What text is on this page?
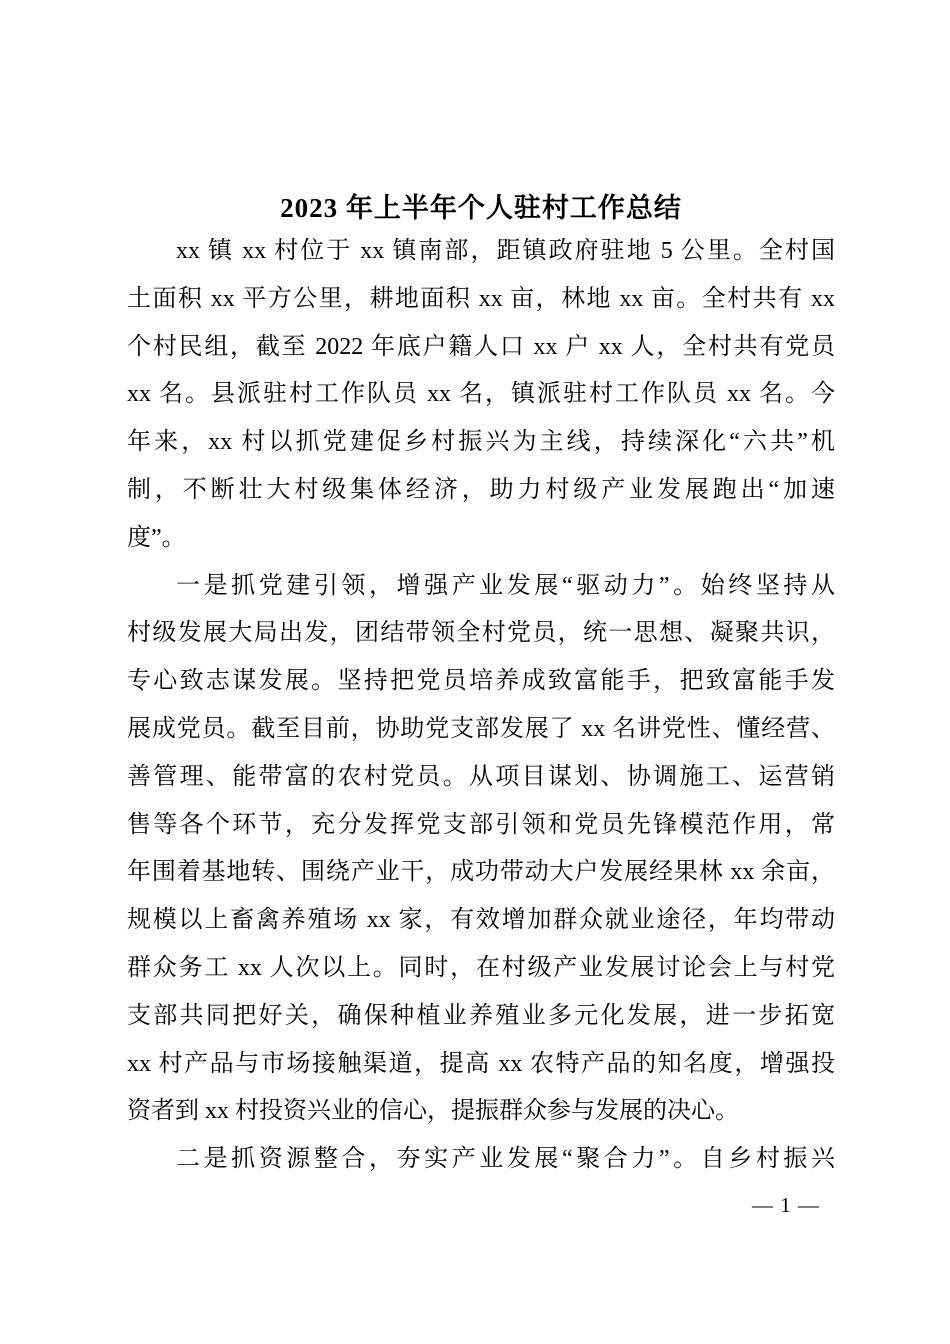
2023 年上半年个人驻村工作总结
xx 镇 xx 村位于 xx 镇南部，距镇政府驻地 5 公里。全村国
土面积 xx 平方公里，耕地面积 xx 亩，林地 xx 亩。全村共有 xx
个村民组，截至 2022 年底户籍人口 xx 户 xx 人，全村共有党员
xx 名。县派驻村工作队员 xx 名，镇派驻村工作队员 xx 名。今
年来，xx 村以抓党建促乡村振兴为主线，持续深化“六共”机
制，不断壮大村级集体经济，助力村级产业发展跑出“加速
度”。
一是抓党建引领，增强产业发展“驱动力”。始终坚持从
村级发展大局出发，团结带领全村党员，统一思想、凝聚共识，
专心致志谋发展。坚持把党员培养成致富能手，把致富能手发
展成党员。截至目前，协助党支部发展了 xx 名讲党性、懂经营、
善管理、能带富的农村党员。从项目谋划、协调施工、运营销
售等各个环节，充分发挥党支部引领和党员先锋模范作用，常
年围着基地转、围绕产业干，成功带动大户发展经果林 xx 余亩，
规模以上畜禽养殖场 xx 家，有效增加群众就业途径，年均带动
群众务工 xx 人次以上。同时，在村级产业发展讨论会上与村党
支部共同把好关，确保种植业养殖业多元化发展，进一步拓宽
xx 村产品与市场接触渠道，提高 xx 农特产品的知名度，增强投
资者到 xx 村投资兴业的信心，提振群众参与发展的决心。
二是抓资源整合，夯实产业发展“聚合力”。自乡村振兴
— 1 —
